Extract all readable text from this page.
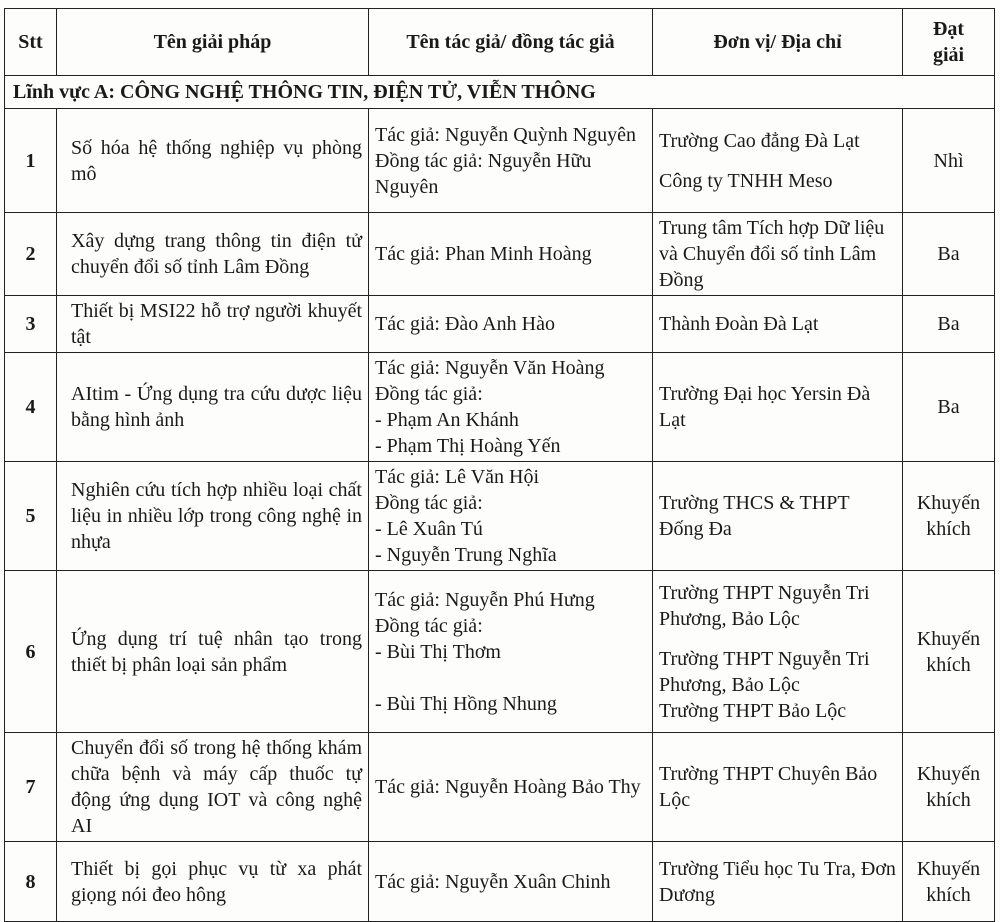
Stt	Tên giải pháp	Tên tác giả/ đồng tác giả	Đơn vị/ Địa chỉ	Đạt
giải

Lĩnh vực A: CÔNG NGHỆ THÔNG TIN, ĐIỆN TỬ, VIỄN THÔNG				
1	Số hóa hệ thống nghiệp vụ phòng mô	Tác giả: Nguyễn Quỳnh Nguyên
Đồng tác giả: Nguyễn Hữu Nguyên	Trường Cao đẳng Đà Lạt
Công ty TNHH Meso	Nhì
2	Xây dựng trang thông tin điện tử chuyển đổi số tỉnh Lâm Đồng	Tác giả: Phan Minh Hoàng	Trung tâm Tích hợp Dữ liệu và Chuyển đổi số tỉnh Lâm Đồng	Ba
3	Thiết bị MSI22 hỗ trợ người khuyết tật	Tác giả: Đào Anh Hào	Thành Đoàn Đà Lạt	Ba
4	AItim - Ứng dụng tra cứu dược liệu bằng hình ảnh	Tác giả: Nguyễn Văn Hoàng
Đồng tác giả:
- Phạm An Khánh
- Phạm Thị Hoàng Yến	Trường Đại học Yersin Đà Lạt	Ba
5	Nghiên cứu tích hợp nhiều loại chất liệu in nhiều lớp trong công nghệ in nhựa	Tác giả: Lê Văn Hội
Đồng tác giả:
- Lê Xuân Tú
- Nguyễn Trung Nghĩa	Trường THCS & THPT Đống Đa	Khuyến khích
6	Ứng dụng trí tuệ nhân tạo trong thiết bị phân loại sản phẩm	Tác giả: Nguyễn Phú Hưng
Đồng tác giả:
- Bùi Thị Thơm
- Bùi Thị Hồng Nhung	Trường THPT Nguyễn Tri Phương, Bảo Lộc
Trường THPT Nguyễn Tri Phương, Bảo Lộc
Trường THPT Bảo Lộc	Khuyến khích
7	Chuyển đổi số trong hệ thống khám chữa bệnh và máy cấp thuốc tự động ứng dụng IOT và công nghệ AI	Tác giả: Nguyễn Hoàng Bảo Thy	Trường THPT Chuyên Bảo Lộc	Khuyến khích
8	Thiết bị gọi phục vụ từ xa phát giọng nói đeo hông	Tác giả: Nguyễn Xuân Chinh	Trường Tiểu học Tu Tra, Đơn Dương	Khuyến khích
